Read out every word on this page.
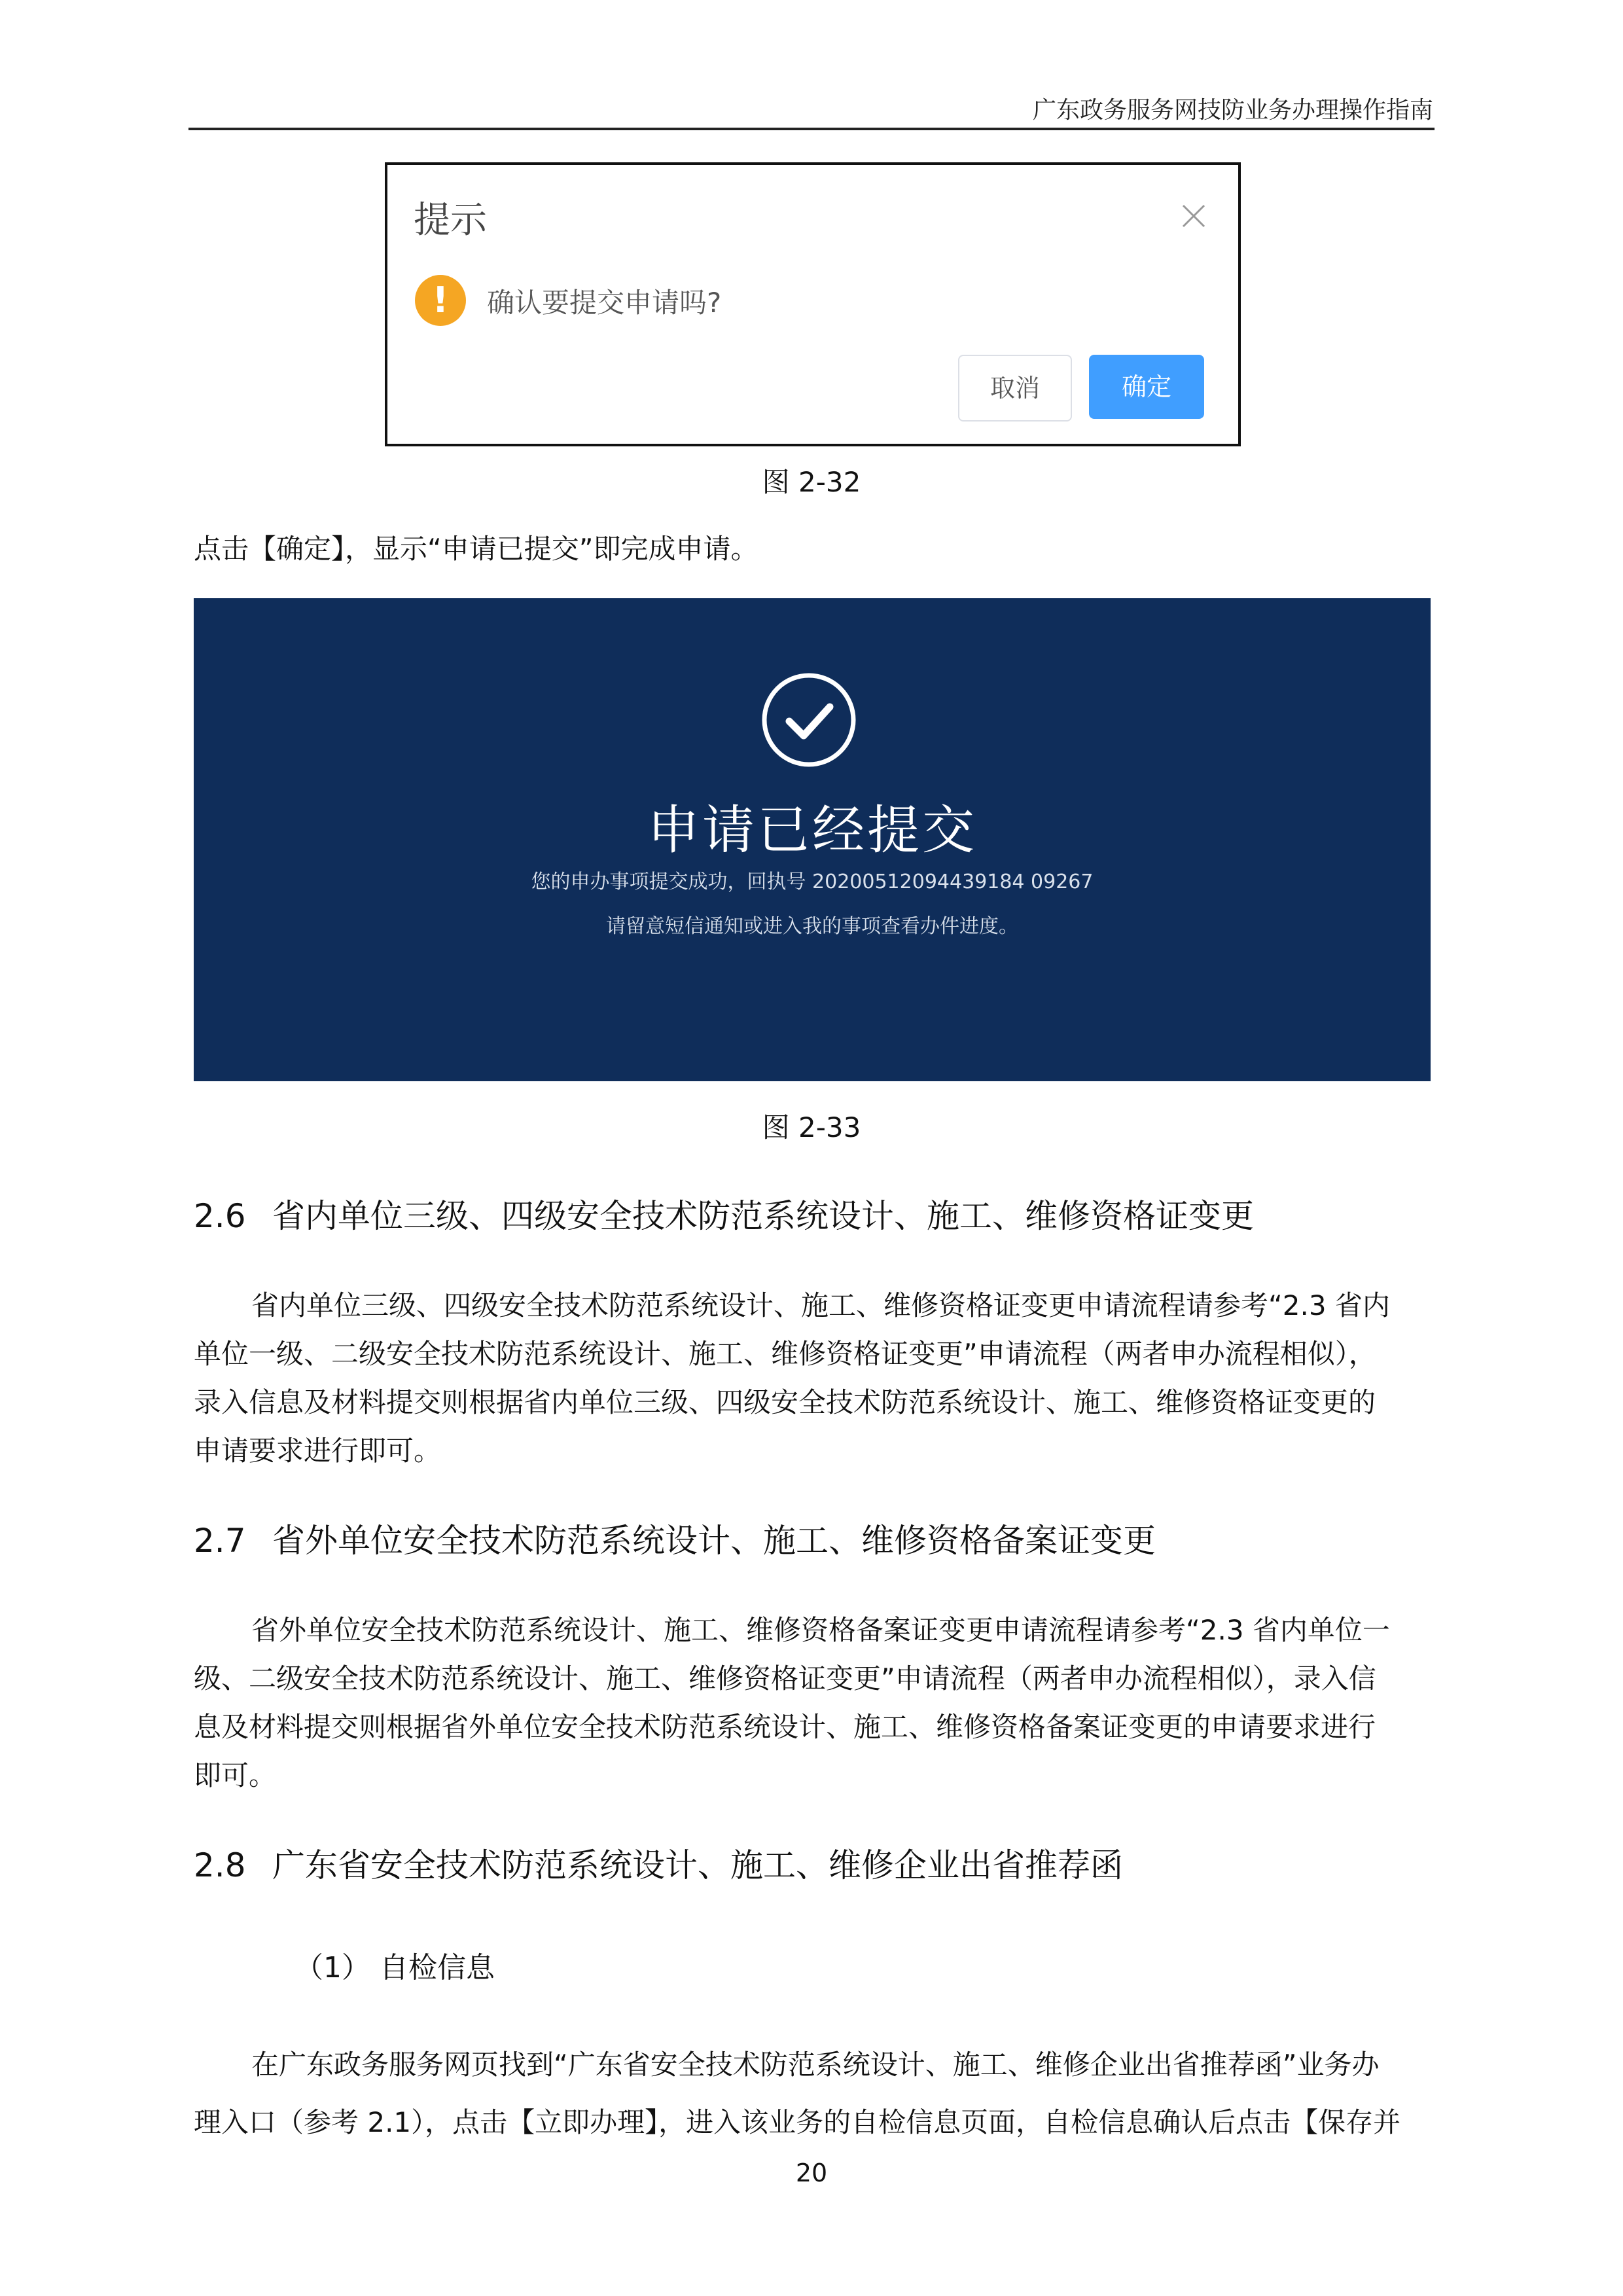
广东政务服务网技防业务办理操作指南
提示
!	确认要提交申请吗?
取消	确定
图 2-32
点击【确定】，显示“申请已提交”即完成申请。
申请已经提交
您的申办事项提交成功，回执号 20200512094439184 09267
请留意短信通知或进入我的事项查看办件进度。
图 2-33
2.6 省内单位三级、四级安全技术防范系统设计、施工、维修资格证变更
省内单位三级、四级安全技术防范系统设计、施工、维修资格证变更申请流程请参考“2.3 省内
单位一级、二级安全技术防范系统设计、施工、维修资格证变更”申请流程（两者申办流程相似），
录入信息及材料提交则根据省内单位三级、四级安全技术防范系统设计、施工、维修资格证变更的
申请要求进行即可。
2.7 省外单位安全技术防范系统设计、施工、维修资格备案证变更
省外单位安全技术防范系统设计、施工、维修资格备案证变更申请流程请参考“2.3 省内单位一
级、二级安全技术防范系统设计、施工、维修资格证变更”申请流程（两者申办流程相似），录入信
息及材料提交则根据省外单位安全技术防范系统设计、施工、维修资格备案证变更的申请要求进行
即可。
2.8 广东省安全技术防范系统设计、施工、维修企业出省推荐函
（1） 自检信息
在广东政务服务网页找到“广东省安全技术防范系统设计、施工、维修企业出省推荐函”业务办
理入口（参考 2.1），点击【立即办理】，进入该业务的自检信息页面，自检信息确认后点击【保存并
20
